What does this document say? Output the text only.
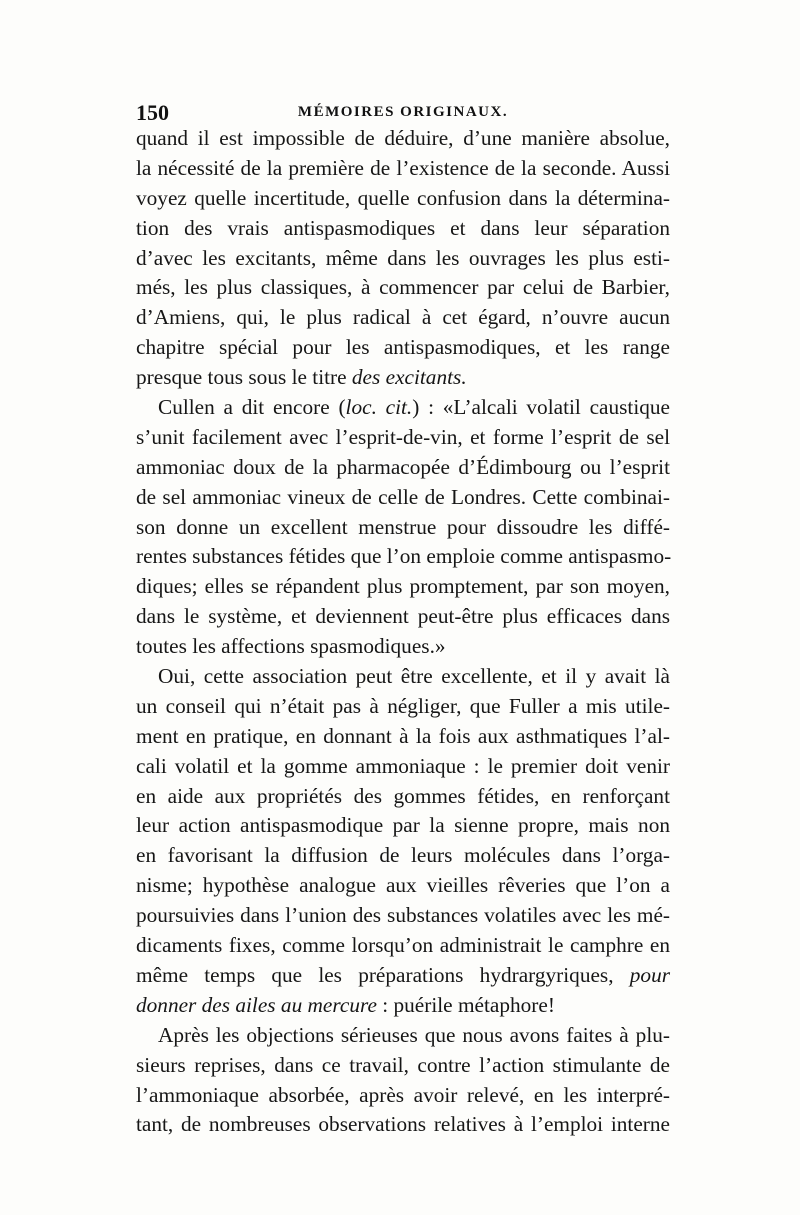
150	MÉMOIRES ORIGINAUX.
quand il est impossible de déduire, d’une manière absolue,
la nécessité de la première de l’existence de la seconde. Aussi
voyez quelle incertitude, quelle confusion dans la détermina-
tion des vrais antispasmodiques et dans leur séparation
d’avec les excitants, même dans les ouvrages les plus esti-
més, les plus classiques, à commencer par celui de Barbier,
d’Amiens, qui, le plus radical à cet égard, n’ouvre aucun
chapitre spécial pour les antispasmodiques, et les range
presque tous sous le titre des excitants.
Cullen a dit encore (loc. cit.) : «L’alcali volatil caustique
s’unit facilement avec l’esprit-de-vin, et forme l’esprit de sel
ammoniac doux de la pharmacopée d’Édimbourg ou l’esprit
de sel ammoniac vineux de celle de Londres. Cette combinai-
son donne un excellent menstrue pour dissoudre les diffé-
rentes substances fétides que l’on emploie comme antispasmo-
diques; elles se répandent plus promptement, par son moyen,
dans le système, et deviennent peut-être plus efficaces dans
toutes les affections spasmodiques.»
Oui, cette association peut être excellente, et il y avait là
un conseil qui n’était pas à négliger, que Fuller a mis utile-
ment en pratique, en donnant à la fois aux asthmatiques l’al-
cali volatil et la gomme ammoniaque : le premier doit venir
en aide aux propriétés des gommes fétides, en renforçant
leur action antispasmodique par la sienne propre, mais non
en favorisant la diffusion de leurs molécules dans l’orga-
nisme; hypothèse analogue aux vieilles rêveries que l’on a
poursuivies dans l’union des substances volatiles avec les mé-
dicaments fixes, comme lorsqu’on administrait le camphre en
même temps que les préparations hydrargyriques, pour
donner des ailes au mercure : puérile métaphore!
Après les objections sérieuses que nous avons faites à plu-
sieurs reprises, dans ce travail, contre l’action stimulante de
l’ammoniaque absorbée, après avoir relevé, en les interpré-
tant, de nombreuses observations relatives à l’emploi interne
